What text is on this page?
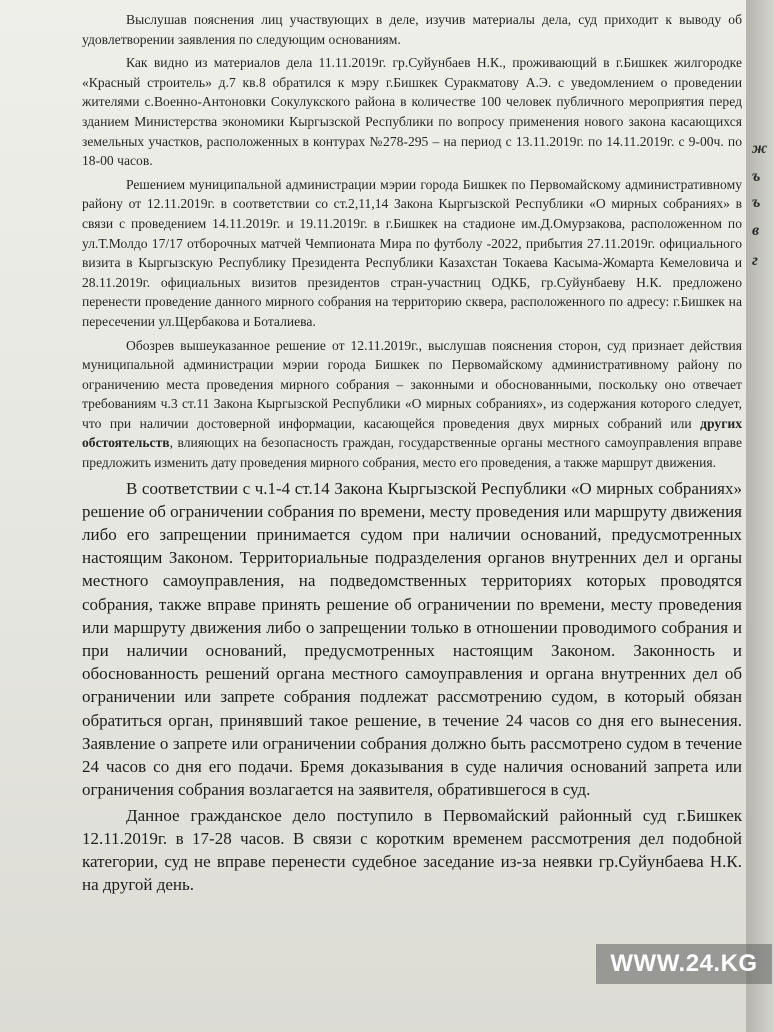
Выслушав пояснения лиц участвующих в деле, изучив материалы дела, суд приходит к выводу об удовлетворении заявления по следующим основаниям.

Как видно из материалов дела 11.11.2019г. гр.Суйунбаев Н.К., проживающий в г.Бишкек жилгородке «Красный строитель» д.7 кв.8 обратился к мэру г.Бишкек Суракматову А.Э. с уведомлением о проведении жителями с.Военно-Антоновки Сокулукского района в количестве 100 человек публичного мероприятия перед зданием Министерства экономики Кыргызской Республики по вопросу применения нового закона касающихся земельных участков, расположенных в контурах №278-295 – на период с 13.11.2019г. по 14.11.2019г. с 9-00ч. по 18-00 часов.

Решением муниципальной администрации мэрии города Бишкек по Первомайскому административному району от 12.11.2019г. в соответствии со ст.2,11,14 Закона Кыргызской Республики «О мирных собраниях» в связи с проведением 14.11.2019г. и 19.11.2019г. в г.Бишкек на стадионе им.Д.Омурзакова, расположенном по ул.Т.Молдо 17/17 отборочных матчей Чемпионата Мира по футболу -2022, прибытия 27.11.2019г. официального визита в Кыргызскую Республику Президента Республики Казахстан Токаева Касыма-Жомарта Кемеловича и 28.11.2019г. официальных визитов президентов стран-участниц ОДКБ, гр.Суйунбаеву Н.К. предложено перенести проведение данного мирного собрания на территорию сквера, расположенного по адресу: г.Бишкек на пересечении ул.Щербакова и Боталиева.

Обозрев вышеуказанное решение от 12.11.2019г., выслушав пояснения сторон, суд признает действия муниципальной администрации мэрии города Бишкек по Первомайскому административному району по ограничению места проведения мирного собрания – законными и обоснованными, поскольку оно отвечает требованиям ч.3 ст.11 Закона Кыргызской Республики «О мирных собраниях», из содержания которого следует, что при наличии достоверной информации, касающейся проведения двух мирных собраний или других обстоятельств, влияющих на безопасность граждан, государственные органы местного самоуправления вправе предложить изменить дату проведения мирного собрания, место его проведения, а также маршрут движения.

В соответствии с ч.1-4 ст.14 Закона Кыргызской Республики «О мирных собраниях» решение об ограничении собрания по времени, месту проведения или маршруту движения либо его запрещении принимается судом при наличии оснований, предусмотренных настоящим Законом. Территориальные подразделения органов внутренних дел и органы местного самоуправления, на подведомственных территориях которых проводятся собрания, также вправе принять решение об ограничении по времени, месту проведения или маршруту движения либо о запрещении только в отношении проводимого собрания и при наличии оснований, предусмотренных настоящим Законом. Законность и обоснованность решений органа местного самоуправления и органа внутренних дел об ограничении или запрете собрания подлежат рассмотрению судом, в который обязан обратиться орган, принявший такое решение, в течение 24 часов со дня его вынесения. Заявление о запрете или ограничении собрания должно быть рассмотрено судом в течение 24 часов со дня его подачи. Бремя доказывания в суде наличия оснований запрета или ограничения собрания возлагается на заявителя, обратившегося в суд.

Данное гражданское дело поступило в Первомайский районный суд г.Бишкек 12.11.2019г. в 17-28 часов. В связи с коротким временем рассмотрения дел подобной категории, суд не вправе перенести судебное заседание из-за неявки гр.Суйунбаева Н.К. на другой день.

ж
ъ
ъ
в
г
WWW.24.KG
